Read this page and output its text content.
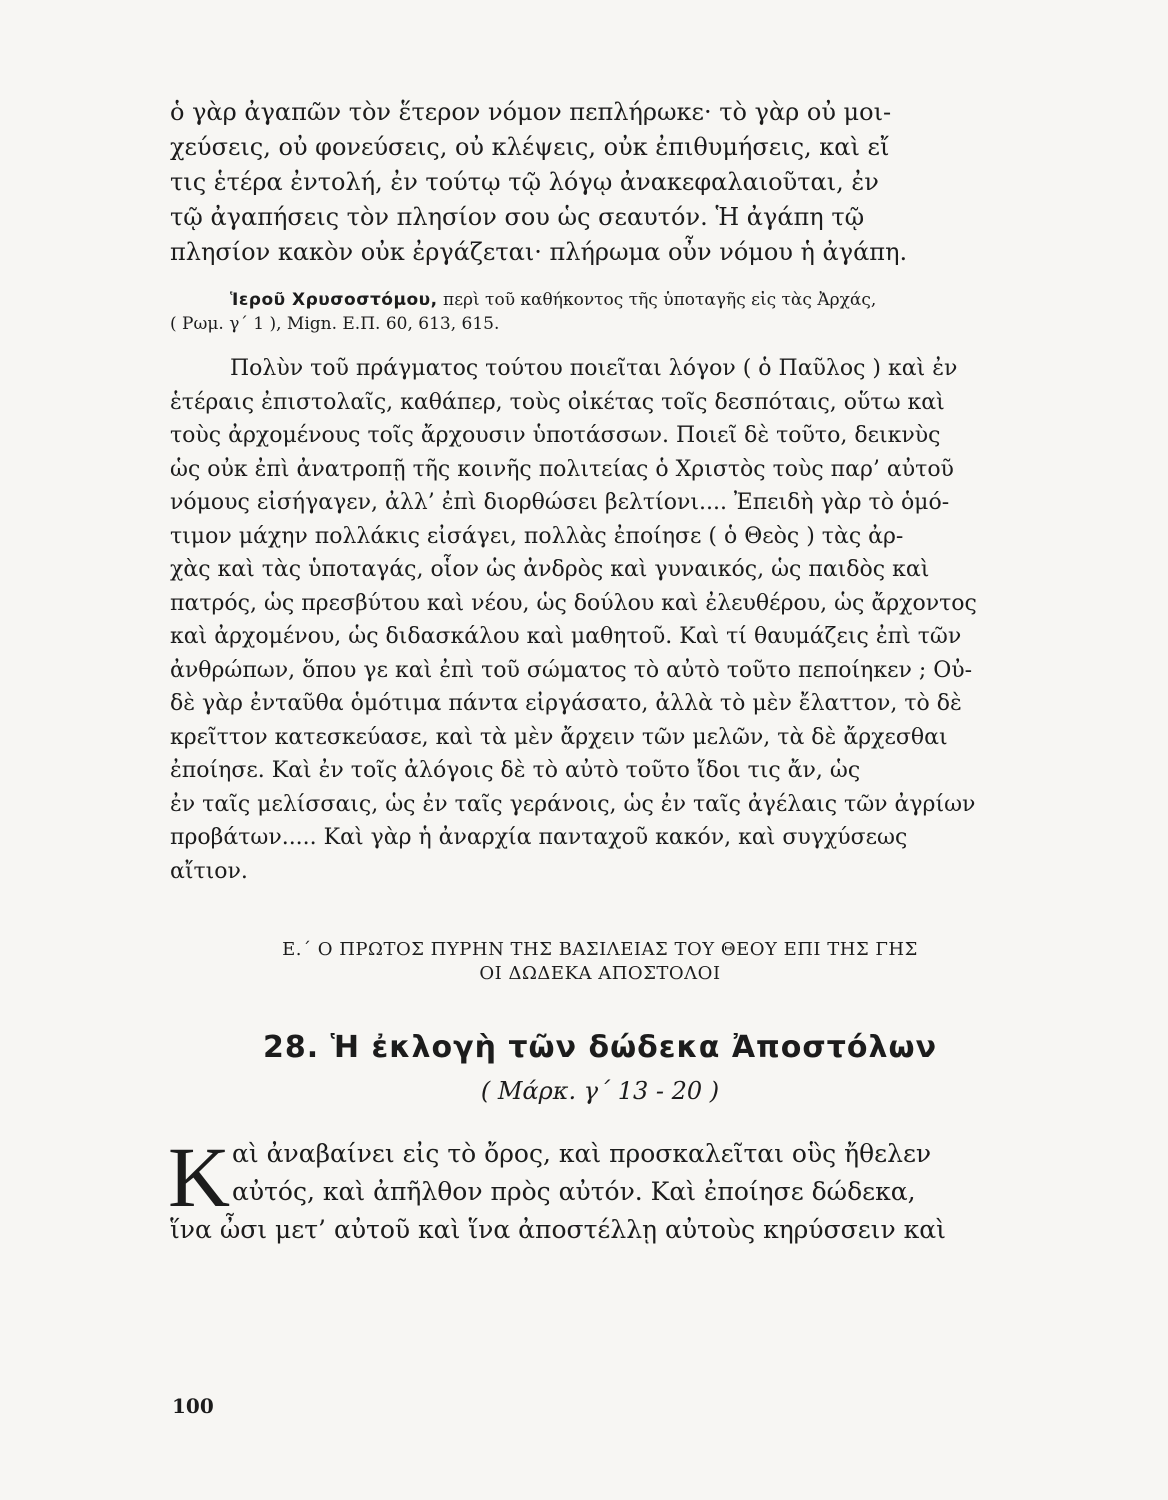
ὁ γὰρ ἀγαπῶν τὸν ἕτερον νόμον πεπλήρωκε· τὸ γὰρ οὐ μοι-
χεύσεις, οὐ φονεύσεις, οὐ κλέψεις, οὐκ ἐπιθυμήσεις, καὶ εἴ
τις ἑτέρα ἐντολή, ἐν τούτῳ τῷ λόγῳ ἀνακεφαλαιοῦται, ἐν
τῷ ἀγαπήσεις τὸν πλησίον σου ὡς σεαυτόν. Ἡ ἀγάπη τῷ
πλησίον κακὸν οὐκ ἐργάζεται· πλήρωμα οὖν νόμου ἡ ἀγάπη.
Ἱεροῦ Χρυσοστόμου, περὶ τοῦ καθήκοντος τῆς ὑποταγῆς εἰς τὰς Ἀρχάς,
( Ρωμ. γ΄ 1 ), Mign. E.Π. 60, 613, 615.
Πολὺν τοῦ πράγματος τούτου ποιεῖται λόγον ( ὁ Παῦλος ) καὶ ἐν
ἑτέραις ἐπιστολαῖς, καθάπερ, τοὺς οἰκέτας τοῖς δεσπόταις, οὕτω καὶ
τοὺς ἀρχομένους τοῖς ἄρχουσιν ὑποτάσσων. Ποιεῖ δὲ τοῦτο, δεικνὺς
ὡς οὐκ ἐπὶ ἀνατροπῇ τῆς κοινῆς πολιτείας ὁ Χριστὸς τοὺς παρ’ αὐτοῦ
νόμους εἰσήγαγεν, ἀλλ’ ἐπὶ διορθώσει βελτίονι.... Ἐπειδὴ γὰρ τὸ ὁμό-
τιμον μάχην πολλάκις εἰσάγει, πολλὰς ἐποίησε ( ὁ Θεὸς ) τὰς ἀρ-
χὰς καὶ τὰς ὑποταγάς, οἷον ὡς ἀνδρὸς καὶ γυναικός, ὡς παιδὸς καὶ
πατρός, ὡς πρεσβύτου καὶ νέου, ὡς δούλου καὶ ἐλευθέρου, ὡς ἄρχοντος
καὶ ἀρχομένου, ὡς διδασκάλου καὶ μαθητοῦ. Καὶ τί θαυμάζεις ἐπὶ τῶν
ἀνθρώπων, ὅπου γε καὶ ἐπὶ τοῦ σώματος τὸ αὐτὸ τοῦτο πεποίηκεν ; Οὐ-
δὲ γὰρ ἐνταῦθα ὁμότιμα πάντα εἰργάσατο, ἀλλὰ τὸ μὲν ἔλαττον, τὸ δὲ
κρεῖττον κατεσκεύασε, καὶ τὰ μὲν ἄρχειν τῶν μελῶν, τὰ δὲ ἄρχεσθαι
ἐποίησε. Καὶ ἐν τοῖς ἀλόγοις δὲ τὸ αὐτὸ τοῦτο ἴδοι τις ἄν, ὡς
ἐν ταῖς μελίσσαις, ὡς ἐν ταῖς γεράνοις, ὡς ἐν ταῖς ἀγέλαις τῶν ἀγρίων
προβάτων..... Καὶ γὰρ ἡ ἀναρχία πανταχοῦ κακόν, καὶ συγχύσεως
αἴτιον.
Ε.΄ Ο ΠΡΩΤΟΣ ΠΥΡΗΝ ΤΗΣ ΒΑΣΙΛΕΙΑΣ ΤΟΥ ΘΕΟΥ ΕΠΙ ΤΗΣ ΓΗΣ
ΟΙ ΔΩΔΕΚΑ ΑΠΟΣΤΟΛΟΙ
28. Ἡ ἐκλογὴ τῶν δώδεκα Ἀποστόλων
( Μάρκ. γ΄ 13 - 20 )
Κ αὶ ἀναβαίνει εἰς τὸ ὄρος, καὶ προσκαλεῖται οὓς ἤθελεν
αὐτός, καὶ ἀπῆλθον πρὸς αὐτόν. Καὶ ἐποίησε δώδεκα,
ἵνα ὦσι μετ’ αὐτοῦ καὶ ἵνα ἀποστέλλῃ αὐτοὺς κηρύσσειν καὶ
100
